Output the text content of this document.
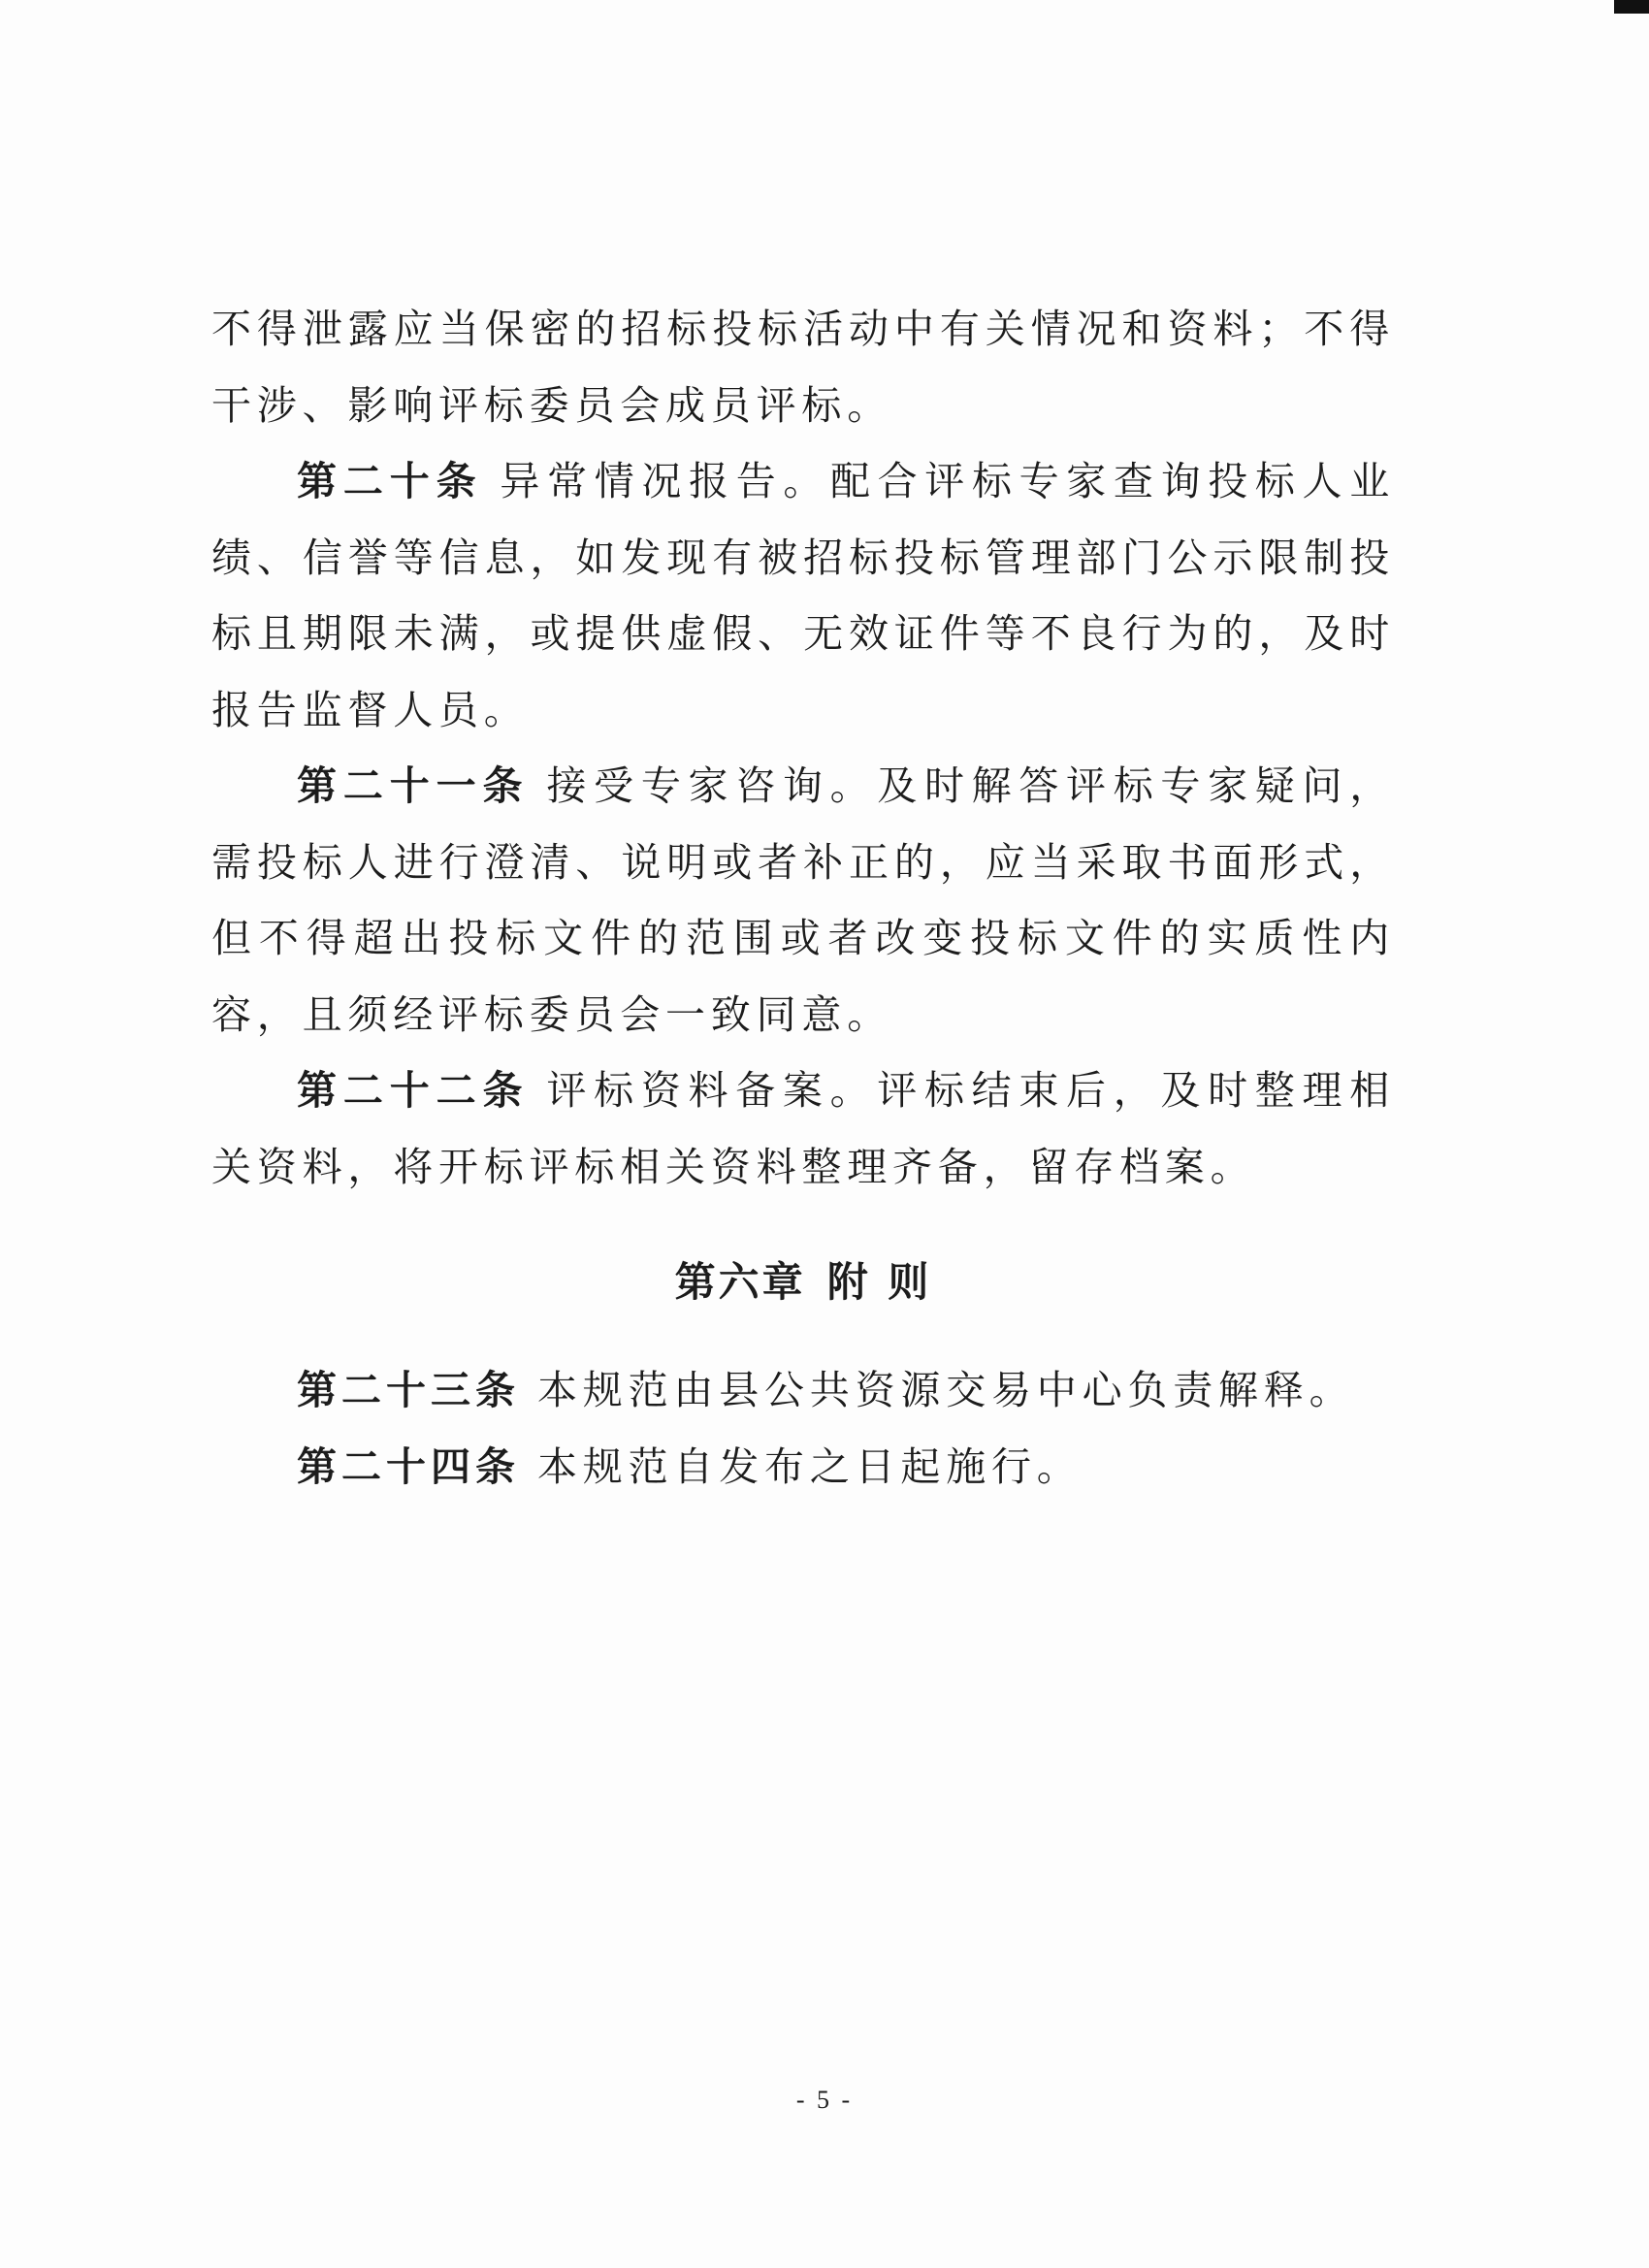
不得泄露应当保密的招标投标活动中有关情况和资料；不得干涉、影响评标委员会成员评标。

第二十条 异常情况报告。配合评标专家查询投标人业绩、信誉等信息，如发现有被招标投标管理部门公示限制投标且期限未满，或提供虚假、无效证件等不良行为的，及时报告监督人员。

第二十一条 接受专家咨询。及时解答评标专家疑问，需投标人进行澄清、说明或者补正的，应当采取书面形式，但不得超出投标文件的范围或者改变投标文件的实质性内容，且须经评标委员会一致同意。

第二十二条 评标资料备案。评标结束后，及时整理相关资料，将开标评标相关资料整理齐备，留存档案。

第六章 附 则

第二十三条 本规范由县公共资源交易中心负责解释。

第二十四条 本规范自发布之日起施行。

- 5 -
